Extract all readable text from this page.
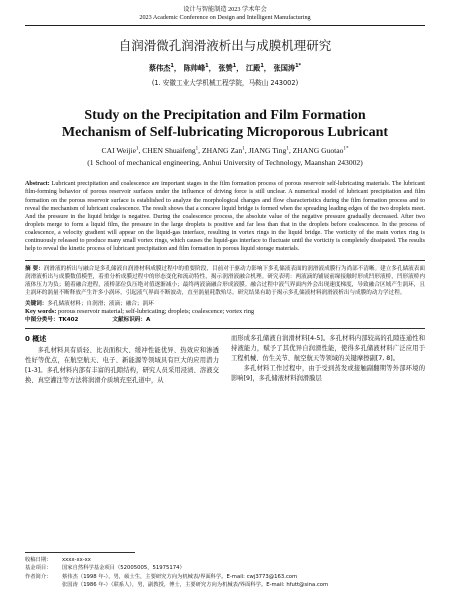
设计与智能制造 2023 学术年会
2023 Academic Conference on Design and Intelligent Manufacturing
自润滑微孔润滑液析出与成膜机理研究
蔡伟杰$^1$， 陈帅峰$^1$， 张赞$^1$， 江殿$^1$， 张国涛$^{1*}$
(1. 安徽工业大学机械工程学院，马鞍山 243002)
Study on the Precipitation and Film Formation
Mechanism of Self-lubricating Microporous Lubricant
CAI Weijie$^1$, CHEN Shuaifeng$^1$, ZHANG Zan$^1$, JIANG Ting$^1$, ZHANG Guotao$^{1*}$
(1 School of mechanical engineering, Anhui University of Technology, Maanshan 243002)
Abstract: Lubricant precipitation and coalescence are important stages in the film formation process of porous reservoir self-lubricating materials. The lubricant film-forming behavior of porous reservoir surfaces under the influence of driving force is still unclear. A numerical model of lubricant precipitation and film formation on the porous reservoir surface is established to analyze the morphological changes and flow characteristics during the film formation process and to reveal the mechanism of lubricant coalescence. The result shows that a concave liquid bridge is formed when the spreading leading edges of the two droplets meet. And the pressure in the liquid bridge is negative. During the coalescence process, the absolute value of the negative pressure gradually decreased. After two droplets merge to form a liquid film, the pressure in the large droplets is positive and far less than that in the droplets before coalescence. In the process of coalescence, a velocity gradient will appear on the liquid-gas interface, resulting in vortex rings in the liquid bridge. The vorticity of the main vortex ring is continuously released to produce many small vortex rings, which causes the liquid-gas interface to fluctuate until the vorticity is completely dissipated. The results help to reveal the kinetic process of lubricant precipitation and film formation in porous liquid storage materials.
摘 要：润滑液的析出与融合是多孔储液自润滑材料成膜过程中的重要阶段，目前对于驱动力影响下多孔储液表面的润滑液成膜行为尚部不清晰。建立多孔储液表面润滑液析出与成膜数值模型，着重分析成膜过程中的形态变化和流动特性，揭示润滑液融合机理。研究表明：两液滴的铺展前缘接触时形成凹形液桥，凹形液桥内液体压力为负；随着融合进程，液桥部位负压绝对值逐渐减小；最终两液滴融合形成液膜。融合过程中液气界面内外会出现速度梯度，导致融合区域产生涡环，且主涡环的涡量不断释放产生许多小涡环，引起液气界面不断波动，直至涡量耗散殆尽。研究结果有助于揭示多孔储液材料润滑液析出与成膜的动力学过程。
关键词：多孔储液材料；自润滑；液滴；融合；涡环
Key words: porous reservoir material; self-lubricating; droplets; coalescence; vortex ring
中图分类号：TK402	文献标识码：A
0 概述

多孔材料具有质轻、比表面积大、缓冲性能优异、热效应和渗透性好等优点，在航空航天、电子、新能源等领域具有巨大的应用潜力[1-3]。多孔材料内部有丰富的孔隙结构，研究人员采用浸渍、溶液交换、真空灌注等方法将润滑介质填充至孔道中，从

而形成多孔储液自润滑材料[4-5]。多孔材料内部较高的孔隙连通性和持液能力，赋予了其优异自润滑性能，使得多孔储液材料广泛应用于工程机械、仿生关节、航空航天等领域的关键摩擦副[7, 8]。

多孔材料工作过程中，由于受到蒸发或接触副翻期等外部环境的影响[9]，多孔储液材料润滑膜层

收稿日期：	xxxx-xx-xx
基金项目：	国家自然科学基金项目（52005005，51975174）
作者简介：	蔡伟杰（1998 年-），男，硕士生，主要研究方向为机械表/界面科学。E-mail: cwj3773@163.com
张国涛（1986 年-）（联系人），男，副教授，博士，主要研究方向为机械表/界面科学。E-mail: hfutt@sina.com
